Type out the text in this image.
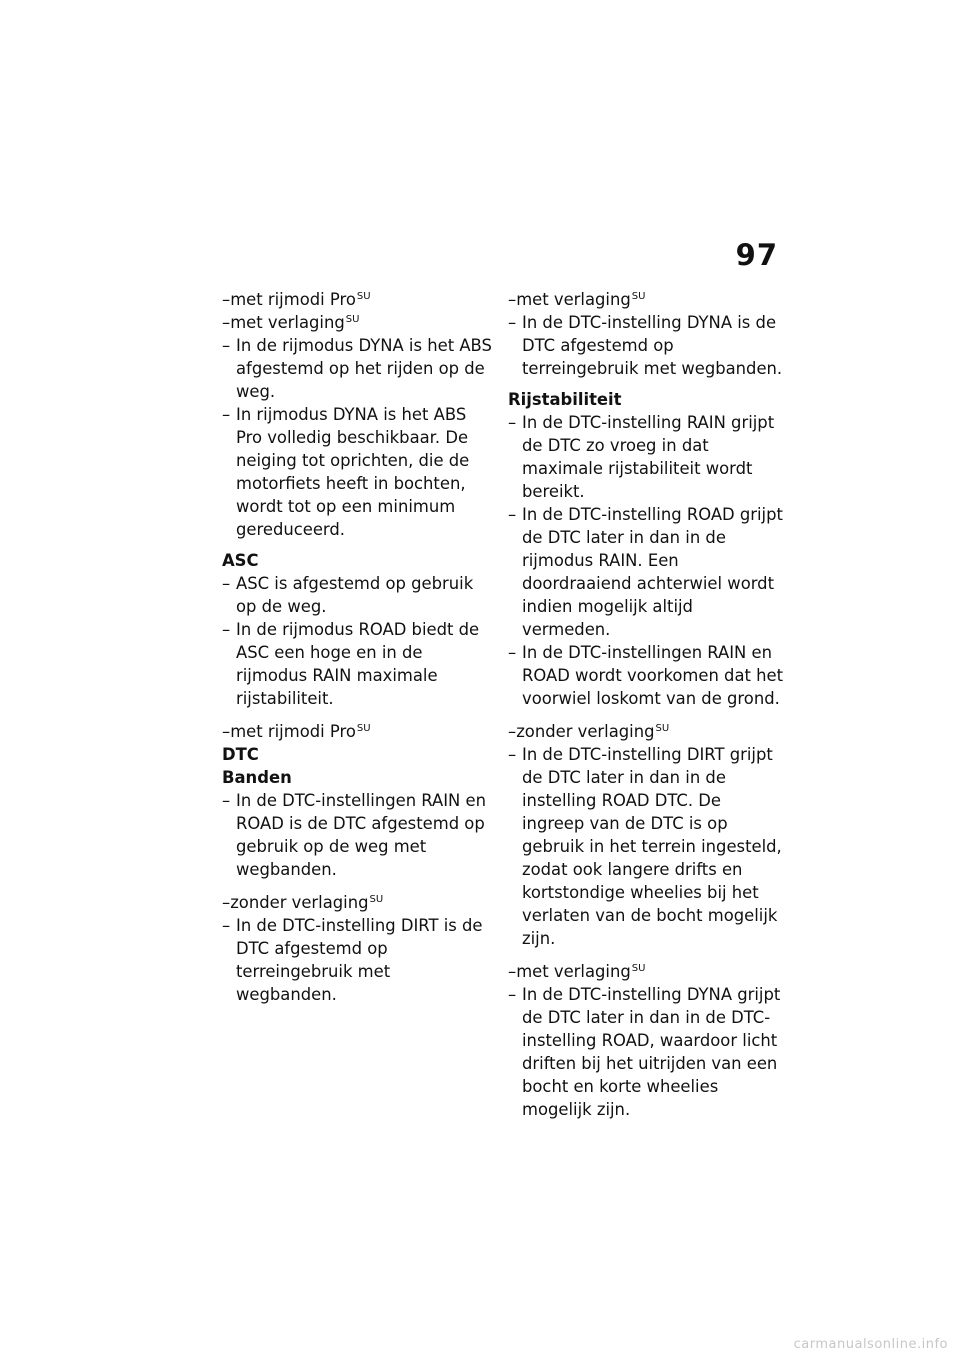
97
–met rijmodi Pro$^{SU}$
–met verlaging$^{SU}$
– In de rijmodus DYNA is het ABS afgestemd op het rijden op de weg.
– In rijmodus DYNA is het ABS Pro volledig beschikbaar. De neiging tot oprichten, die de motorfiets heeft in bochten, wordt tot op een minimum gereduceerd.
ASC
– ASC is afgestemd op gebruik op de weg.
– In de rijmodus ROAD biedt de ASC een hoge en in de rijmodus RAIN maximale rijstabiliteit.
–met rijmodi Pro$^{SU}$
DTC
Banden
– In de DTC-instellingen RAIN en ROAD is de DTC afgestemd op gebruik op de weg met wegbanden.
–zonder verlaging$^{SU}$
– In de DTC-instelling DIRT is de DTC afgestemd op terreingebruik met wegbanden.
–met verlaging$^{SU}$
– In de DTC-instelling DYNA is de DTC afgestemd op terreingebruik met wegbanden.
Rijstabiliteit
– In de DTC-instelling RAIN grijpt de DTC zo vroeg in dat maximale rijstabiliteit wordt bereikt.
– In de DTC-instelling ROAD grijpt de DTC later in dan in de rijmodus RAIN. Een doordraaiend achterwiel wordt indien mogelijk altijd vermeden.
– In de DTC-instellingen RAIN en ROAD wordt voorkomen dat het voorwiel loskomt van de grond.
–zonder verlaging$^{SU}$
– In de DTC-instelling DIRT grijpt de DTC later in dan in de instelling ROAD DTC. De ingreep van de DTC is op gebruik in het terrein ingesteld, zodat ook langere drifts en kortstondige wheelies bij het verlaten van de bocht mogelijk zijn.
–met verlaging$^{SU}$
– In de DTC-instelling DYNA grijpt de DTC later in dan in de DTC-instelling ROAD, waardoor licht driften bij het uitrijden van een bocht en korte wheelies mogelijk zijn.
carmanualsonline.info
